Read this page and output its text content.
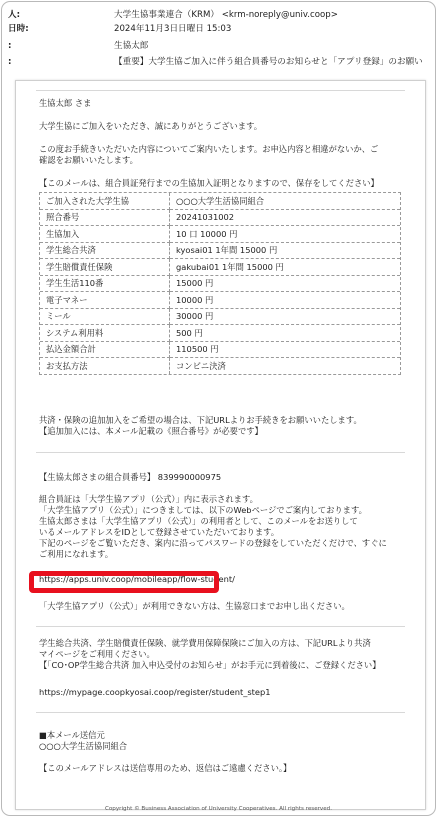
人:	大学生協事業連合（KRM） <krm-noreply@univ.coop>
日時:	2024年11月3日日曜日 15:03
:	生協太郎
:	【重要】大学生協ご加入に伴う組合員番号のお知らせと「アプリ登録」のお願い
生協太郎 さま
大学生協にご加入をいただき、誠にありがとうございます。
この度お手続きいただいた内容についてご案内いたします。お申込内容と相違がないか、ご
確認をお願いいたします。
【このメールは、組合員証発行までの生協加入証明となりますので、保存をしてください】
ご加入された大学生協	○○○大学生活協同組合
照合番号	20241031002
生協加入	10 口 10000 円
学生総合共済	kyosai01 1年間 15000 円
学生賠償責任保険	gakubai01 1年間 15000 円
学生生活110番	15000 円
電子マネー	10000 円
ミール	30000 円
システム利用料	500 円
払込金額合計	110500 円
お支払方法	コンビニ決済
共済・保険の追加加入をご希望の場合は、下記URLよりお手続きをお願いいたします。
【追加加入には、本メール記載の《照合番号》が必要です】
【生協太郎さまの組合員番号】 839990000975
組合員証は「大学生協アプリ（公式）」内に表示されます。
「大学生協アプリ（公式）」につきましては、以下のWebページでご案内しております。
生協太郎さまは「大学生協アプリ（公式）」の利用者として、このメールをお送りして
いるメールアドレスをIDとして登録させていただいております。
下記のページをご覧いただき、案内に沿ってパスワードの登録をしていただくだけで、すぐに
ご利用になれます。
https://apps.univ.coop/mobileapp/flow-student/
「大学生協アプリ（公式）」が利用できない方は、生協窓口までお申し出ください。
学生総合共済、学生賠償責任保険、就学費用保障保険にご加入の方は、下記URLより共済
マイページをご利用ください。
【「CO･OP学生総合共済 加入申込受付のお知らせ」がお手元に到着後に、ご登録ください】
https://mypage.coopkyosai.coop/register/student_step1
■本メール送信元
○○○大学生活協同組合
【このメールアドレスは送信専用のため、返信はご遠慮ください。】
Copyright © Business Association of University Cooperatives. All rights reserved.
